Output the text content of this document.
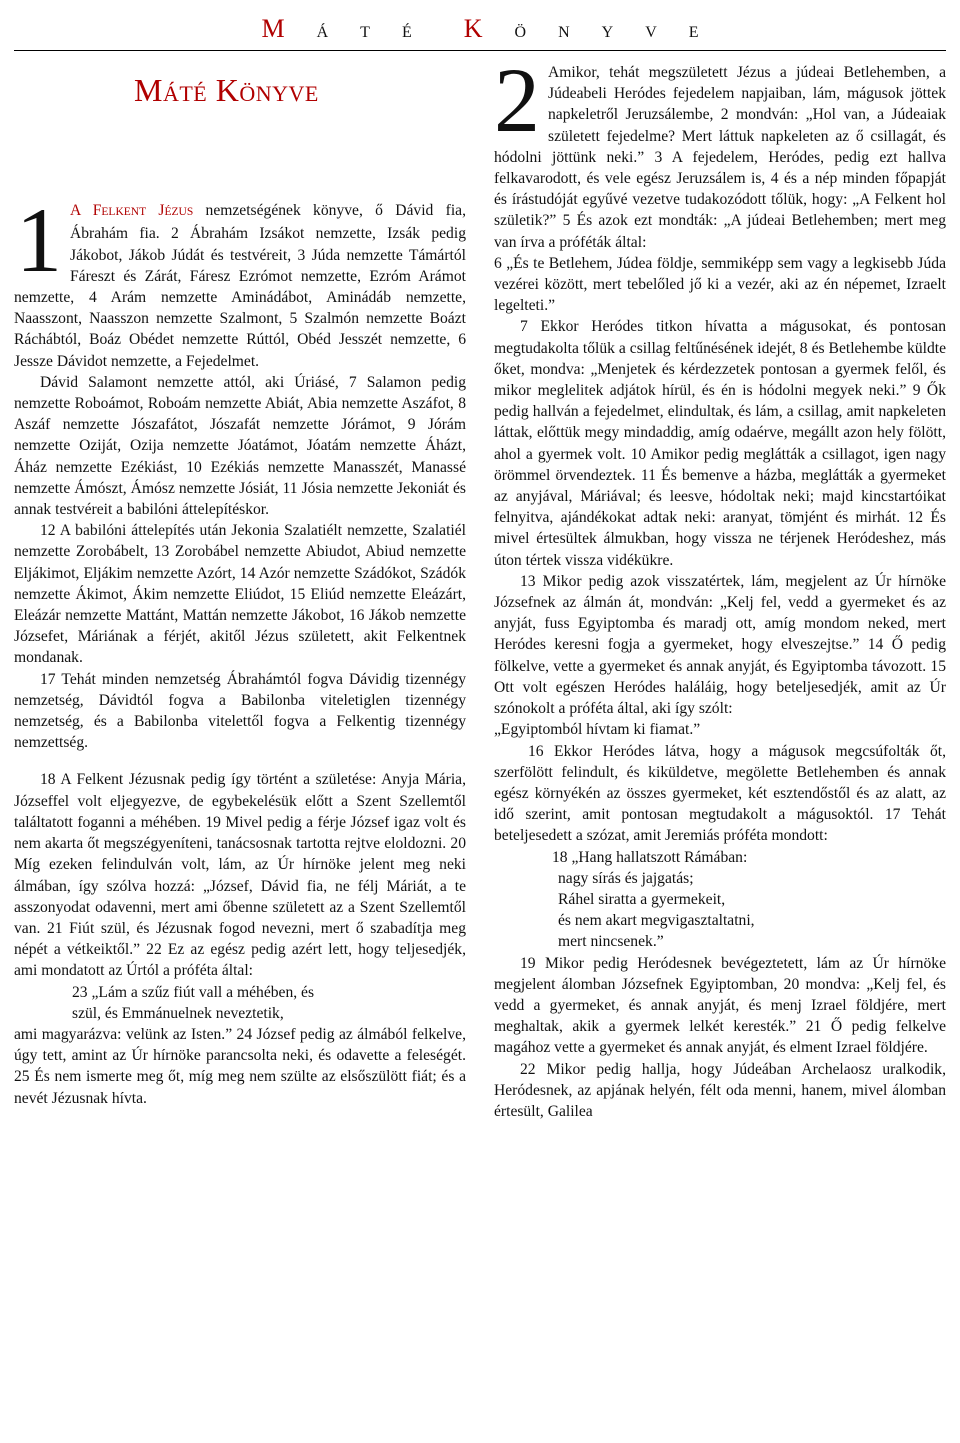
M Á T É K Ö N Y V E
MÁTÉ KÖNYVE
1 A FELKENT JÉZUS nemzetségének könyve, ő Dávid fia, Ábrahám fia. 2 Ábrahám Izsákot nemzette, Izsák pedig Jákobot, Jákob Júdát és testvéreit, 3 Júda nemzette Támártól Fáreszt és Zárát, Fáresz Ezrómot nemzette, Ezróm Arámot nemzette, 4 Arám nemzette Aminádábot, Aminádáb nemzette, Naasszont, Naasszon nemzette Szalmont, 5 Szalmón nemzette Boázt Ráchábtól, Boáz Obédet nemzette Rúttól, Obéd Jesszét nemzette, 6 Jessze Dávidot nemzette, a Fejedelmet.

Dávid Salamont nemzette attól, aki Úriásé, 7 Salamon pedig nemzette Roboámot, Roboám nemzette Abiát, Abia nemzette Aszáfot, 8 Aszáf nemzette Jószafátot, Jószafát nemzette Jórámot, 9 Jórám nemzette Oziját, Ozija nemzette Jóatámot, Jóatám nemzette Áházt, Áház nemzette Ezékiást, 10 Ezékiás nemzette Manasszét, Manassé nemzette Ámószt, Ámósz nemzette Jósiát, 11 Jósia nemzette Jekoniát és annak testvéreit a babilóni áttelepítéskor.

12 A babilóni áttelepítés után Jekonia Szalatiélt nemzette, Szalatiél nemzette Zorobábelt, 13 Zorobábel nemzette Abiudot, Abiud nemzette Eljákimot, Eljákim nemzette Azórt, 14 Azór nemzette Szádókot, Szádók nemzette Ákimot, Ákim nemzette Eliúdot, 15 Eliúd nemzette Eleázárt, Eleázár nemzette Mattánt, Mattán nemzette Jákobot, 16 Jákob nemzette Józsefet, Máriának a férjét, akitől Jézus született, akit Felkentnek mondanak.

17 Tehát minden nemzetség Ábrahámtól fogva Dávidig tizennégy nemzetség, Dávidtól fogva a Babilonba viteletiglen tizennégy nemzetség, és a Babilonba vitelettől fogva a Felkentig tizennégy nemzettség.

18 A Felkent Jézusnak pedig így történt a születése: Anyja Mária, Józseffel volt eljegyezve, de egybekelésük előtt a Szent Szellemtől találtatott foganni a méhében. 19 Mivel pedig a férje József igaz volt és nem akarta őt megszégyeníteni, tanácsosnak tartotta rejtve eloldozni. 20 Míg ezeken felindulván volt, lám, az Úr hírnöke jelent meg neki álmában, így szólva hozzá: „József, Dávid fia, ne félj Máriát, a te asszonyodat odavenni, mert ami őbenne született az a Szent Szellemtől van. 21 Fiút szül, és Jézusnak fogod nevezni, mert ő szabadítja meg népét a vétkeiktől.” 22 Ez az egész pedig azért lett, hogy teljesedjék, ami mondatott az Úrtól a próféta által:

23 „Lám a szűz fiút vall a méhében, és
szül, és Emmánuelnek neveztetik,

ami magyarázva: velünk az Isten.” 24 József pedig az álmából felkelve, úgy tett, amint az Úr hírnöke parancsolta neki, és odavette a feleségét. 25 És nem ismerte meg őt, míg meg nem szülte az elsőszülött fiát; és a nevét Jézusnak hívta.

2 Amikor, tehát megszületett Jézus a júdeai Betlehemben, a Júdeabeli Heródes fejedelem napjaiban, lám, mágusok jöttek napkeletről Jeruzsálembe, 2 mondván: „Hol van, a Júdeaiak született fejedelme? Mert láttuk napkeleten az ő csillagát, és hódolni jöttünk neki.” 3 A fejedelem, Heródes, pedig ezt hallva felkavarodott, és vele egész Jeruzsálem is, 4 és a nép minden főpapját és írástudóját egyűvé vezetve tudakozódott tőlük, hogy: „A Felkent hol születik?” 5 És azok ezt mondták: „A júdeai Betlehemben; mert meg van írva a próféták által:

6 „És te Betlehem, Júdea földje, semmiképp sem vagy a legkisebb Júda vezérei között, mert tebelőled jő ki a vezér, aki az én népemet, Izraelt legelteti.”

7 Ekkor Heródes titkon hívatta a mágusokat, és pontosan megtudakolta tőlük a csillag feltűnésének idejét, 8 és Betlehembe küldte őket, mondva: „Menjetek és kérdezzetek pontosan a gyermek felől, és mikor meglelitek adjátok hírül, és én is hódolni megyek neki.” 9 Ők pedig hallván a fejedelmet, elindultak, és lám, a csillag, amit napkeleten láttak, előttük megy mindaddig, amíg odaérve, megállt azon hely fölött, ahol a gyermek volt. 10 Amikor pedig meglátták a csillagot, igen nagy örömmel örvendeztek. 11 És bemenve a házba, meglátták a gyermeket az anyjával, Máriával; és leesve, hódoltak neki; majd kincstartóikat felnyitva, ajándékokat adtak neki: aranyat, tömjént és mirhát. 12 És mivel értesültek álmukban, hogy vissza ne térjenek Heródeshez, más úton tértek vissza vidékükre.

13 Mikor pedig azok visszatértek, lám, megjelent az Úr hírnöke Józsefnek az álmán át, mondván: „Kelj fel, vedd a gyermeket és az anyját, fuss Egyiptomba és maradj ott, amíg mondom neked, mert Heródes keresni fogja a gyermeket, hogy elveszejtse.” 14 Ő pedig fölkelve, vette a gyermeket és annak anyját, és Egyiptomba távozott. 15 Ott volt egészen Heródes haláláig, hogy beteljesedjék, amit az Úr szónokolt a próféta által, aki így szólt:

„Egyiptomból hívtam ki fiamat.”

16 Ekkor Heródes látva, hogy a mágusok megcsúfolták őt, szerfölött felindult, és kiküldetve, megölette Betlehemben és annak egész környékén az összes gyermeket, két esztendőstől és az alatt, az idő szerint, amit pontosan megtudakolt a mágusoktól. 17 Tehát beteljesedett a szózat, amit Jeremiás próféta mondott:

18 „Hang hallatszott Rámában:
nagy sírás és jajgatás;
Ráhel siratta a gyermekeit,
és nem akart megvigasztaltatni,
mert nincsenek.”

19 Mikor pedig Heródesnek bevégeztetett, lám az Úr hírnöke megjelent álomban Józsefnek Egyiptomban, 20 mondva: „Kelj fel, és vedd a gyermeket, és annak anyját, és menj Izrael földjére, mert meghaltak, akik a gyermek lelkét keresték.” 21 Ő pedig felkelve magához vette a gyermeket és annak anyját, és elment Izrael földjére.

22 Mikor pedig hallja, hogy Júdeában Archelaosz uralkodik, Heródesnek, az apjának helyén, félt oda menni, hanem, mivel álomban értesült, Galilea
